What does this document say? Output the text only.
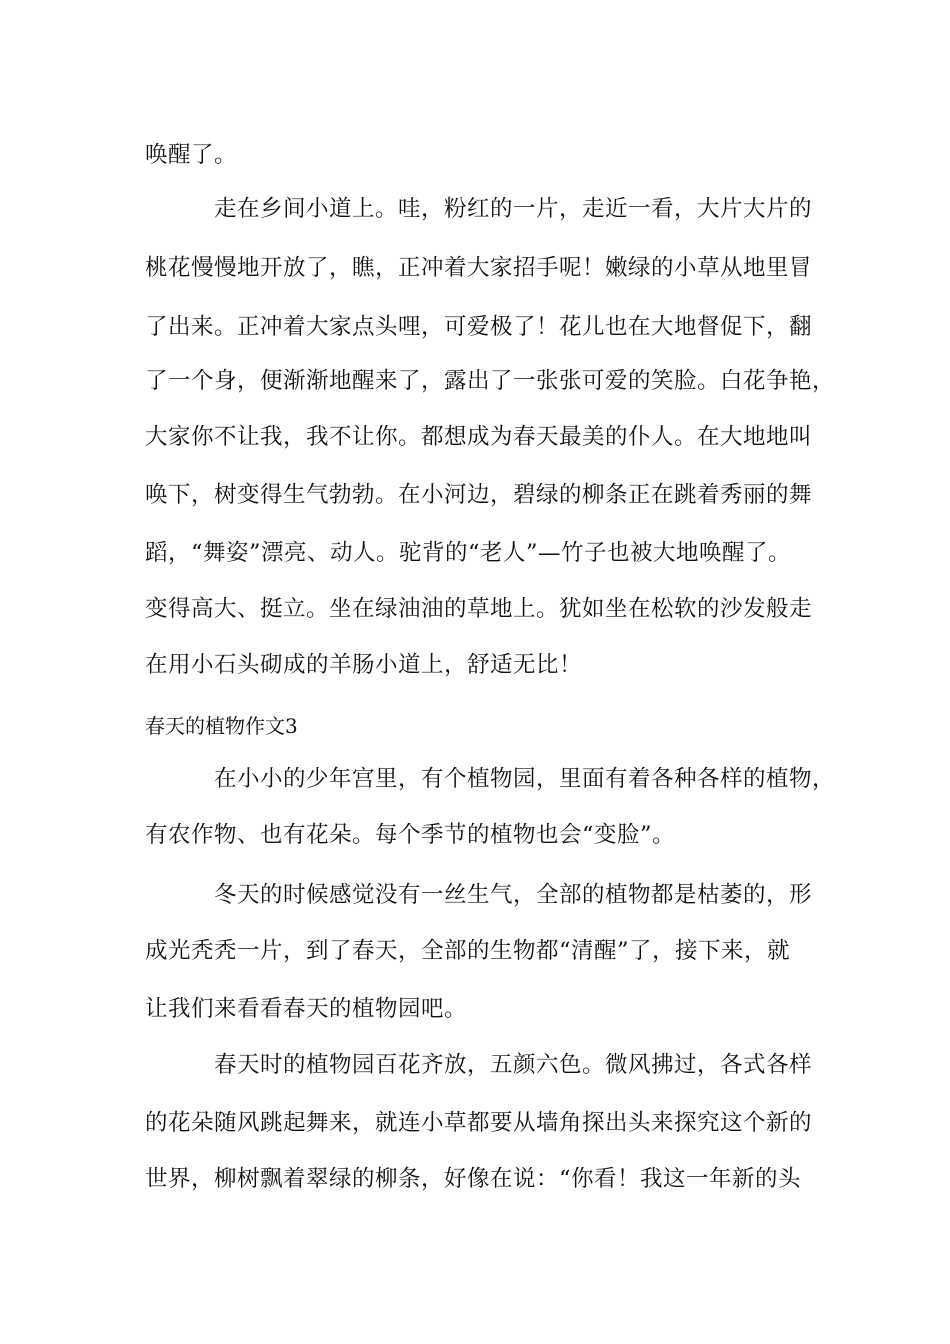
唤醒了。
走在乡间小道上。哇，粉红的一片，走近一看，大片大片的
桃花慢慢地开放了，瞧，正冲着大家招手呢！嫩绿的小草从地里冒
了出来。正冲着大家点头哩，可爱极了！花儿也在大地督促下，翻
了一个身，便渐渐地醒来了，露出了一张张可爱的笑脸。白花争艳，
大家你不让我，我不让你。都想成为春天最美的仆人。在大地地叫
唤下，树变得生气勃勃。在小河边，碧绿的柳条正在跳着秀丽的舞
蹈，“舞姿”漂亮、动人。驼背的“老人”—竹子也被大地唤醒了。
变得高大、挺立。坐在绿油油的草地上。犹如坐在松软的沙发般走
在用小石头砌成的羊肠小道上，舒适无比！
春天的植物作文3
在小小的少年宫里，有个植物园，里面有着各种各样的植物，
有农作物、也有花朵。每个季节的植物也会“变脸”。
冬天的时候感觉没有一丝生气，全部的植物都是枯萎的，形
成光秃秃一片，到了春天，全部的生物都“清醒”了，接下来，就
让我们来看看春天的植物园吧。
春天时的植物园百花齐放，五颜六色。微风拂过，各式各样
的花朵随风跳起舞来，就连小草都要从墙角探出头来探究这个新的
世界，柳树飘着翠绿的柳条，好像在说：“你看！我这一年新的头
